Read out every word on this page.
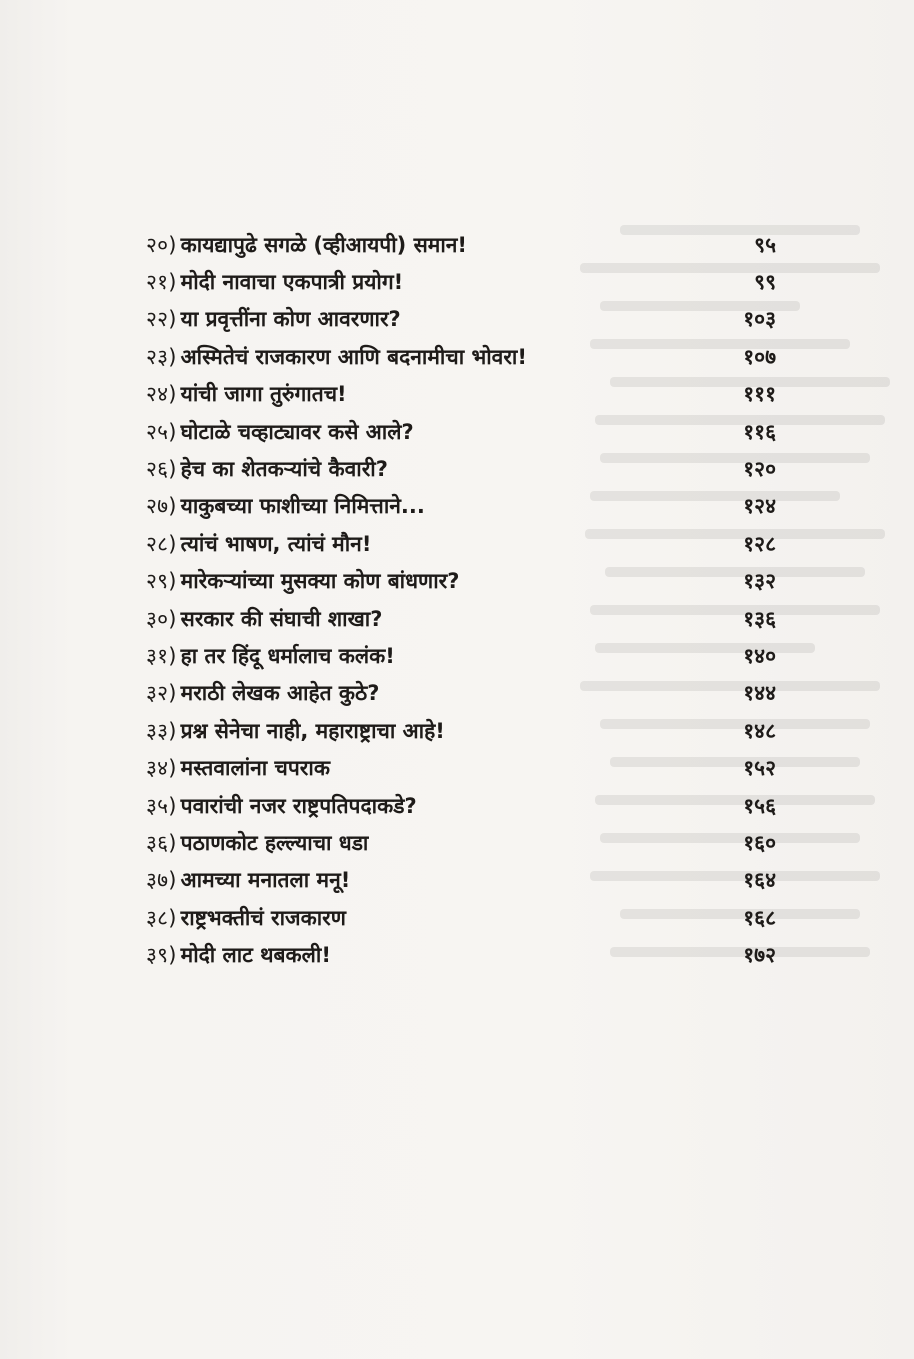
२०) कायद्यापुढे सगळे (व्हीआयपी) समान!	९५
२१) मोदी नावाचा एकपात्री प्रयोग!	९९
२२) या प्रवृत्तींना कोण आवरणार?	१०३
२३) अस्मितेचं राजकारण आणि बदनामीचा भोवरा!	१०७
२४) यांची जागा तुरुंगातच!	१११
२५) घोटाळे चव्हाट्यावर कसे आले?	११६
२६) हेच का शेतकऱ्यांचे कैवारी?	१२०
२७) याकुबच्या फाशीच्या निमित्ताने...	१२४
२८) त्यांचं भाषण, त्यांचं मौन!	१२८
२९) मारेकऱ्यांच्या मुसक्या कोण बांधणार?	१३२
३०) सरकार की संघाची शाखा?	१३६
३१) हा तर हिंदू धर्मालाच कलंक!	१४०
३२) मराठी लेखक आहेत कुठे?	१४४
३३) प्रश्न सेनेचा नाही, महाराष्ट्राचा आहे!	१४८
३४) मस्तवालांना चपराक	१५२
३५) पवारांची नजर राष्ट्रपतिपदाकडे?	१५६
३६) पठाणकोट हल्ल्याचा धडा	१६०
३७) आमच्या मनातला मनू!	१६४
३८) राष्ट्रभक्तीचं राजकारण	१६८
३९) मोदी लाट थबकली!	१७२
